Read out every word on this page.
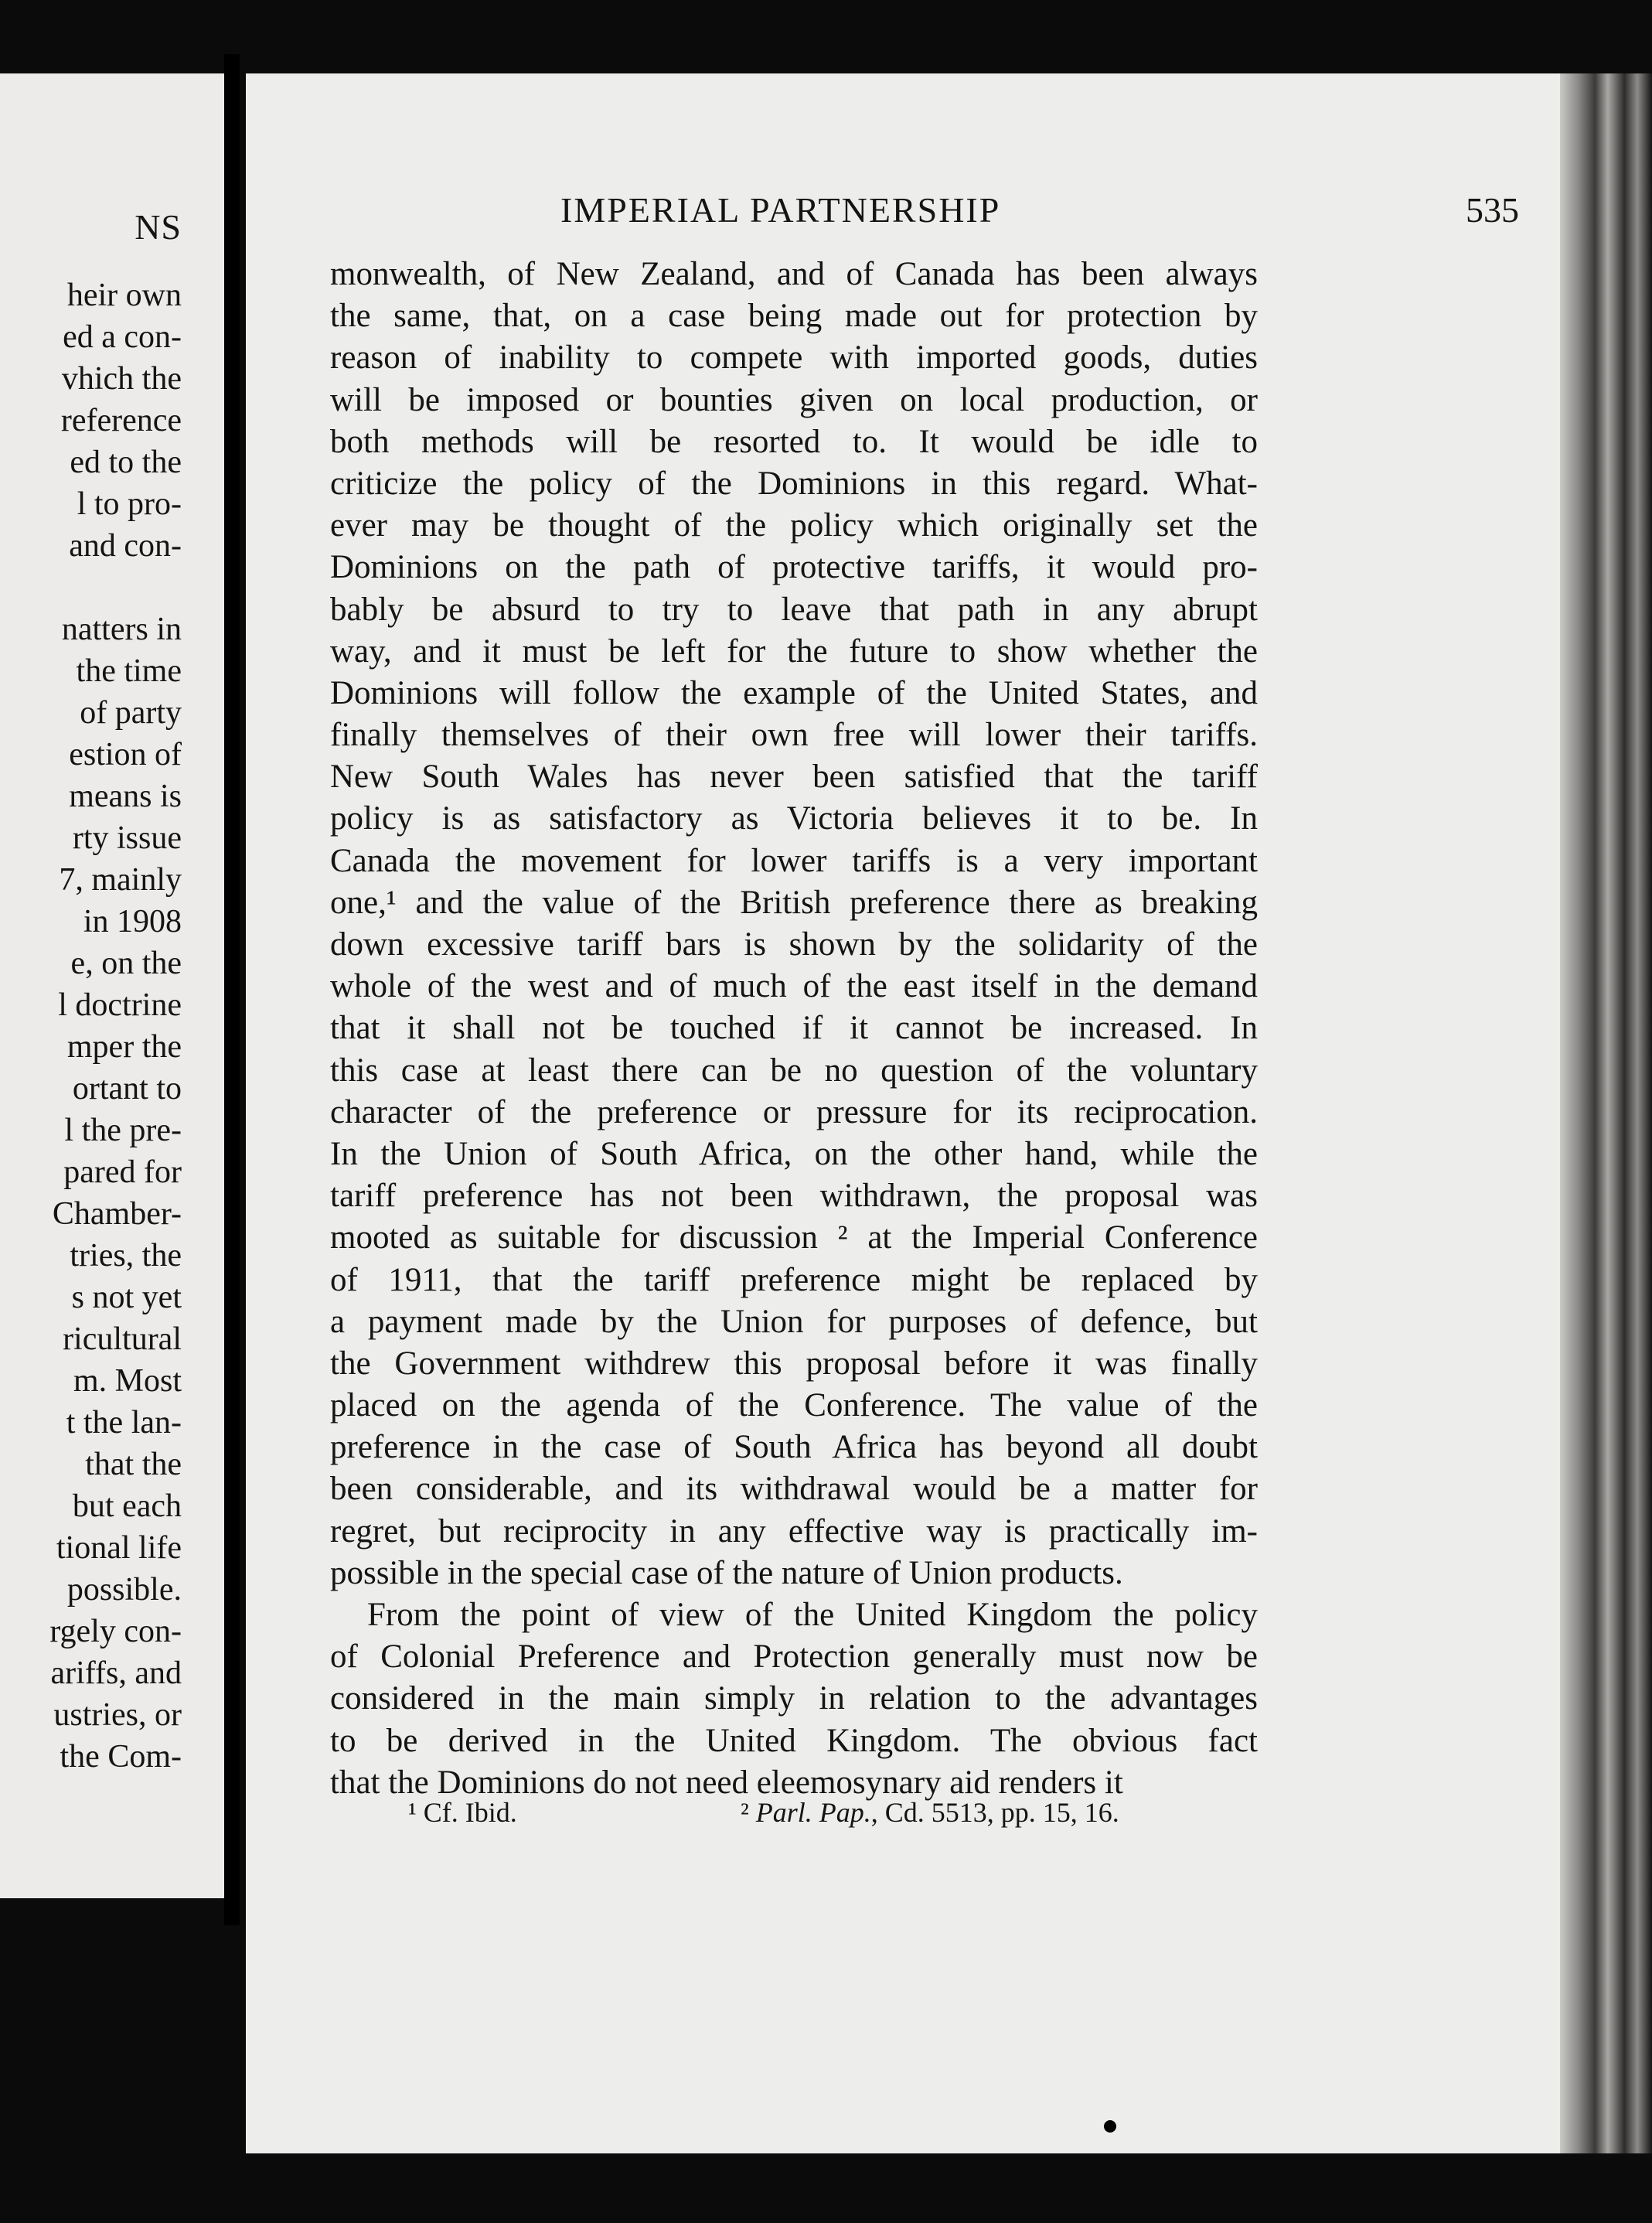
NS
heir own
ed a con-
vhich the
reference
ed to the
l to pro-
and con-
natters in
the time
of party
estion of
means is
rty issue
7, mainly
in 1908
e, on the
l doctrine
mper the
ortant to
l the pre-
pared for
Chamber-
tries, the
s not yet
ricultural
m. Most
t the lan-
that the
but each
tional life
possible.
rgely con-
ariffs, and
ustries, or
the Com-
IMPERIAL PARTNERSHIP	535
monwealth, of New Zealand, and of Canada has been always
the same, that, on a case being made out for protection by
reason of inability to compete with imported goods, duties
will be imposed or bounties given on local production, or
both methods will be resorted to. It would be idle to
criticize the policy of the Dominions in this regard. What-
ever may be thought of the policy which originally set the
Dominions on the path of protective tariffs, it would pro-
bably be absurd to try to leave that path in any abrupt
way, and it must be left for the future to show whether the
Dominions will follow the example of the United States, and
finally themselves of their own free will lower their tariffs.
New South Wales has never been satisfied that the tariff
policy is as satisfactory as Victoria believes it to be. In
Canada the movement for lower tariffs is a very important
one,¹ and the value of the British preference there as breaking
down excessive tariff bars is shown by the solidarity of the
whole of the west and of much of the east itself in the demand
that it shall not be touched if it cannot be increased. In
this case at least there can be no question of the voluntary
character of the preference or pressure for its reciprocation.
In the Union of South Africa, on the other hand, while the
tariff preference has not been withdrawn, the proposal was
mooted as suitable for discussion ² at the Imperial Conference
of 1911, that the tariff preference might be replaced by
a payment made by the Union for purposes of defence, but
the Government withdrew this proposal before it was finally
placed on the agenda of the Conference. The value of the
preference in the case of South Africa has beyond all doubt
been considerable, and its withdrawal would be a matter for
regret, but reciprocity in any effective way is practically im-
possible in the special case of the nature of Union products.
From the point of view of the United Kingdom the policy
of Colonial Preference and Protection generally must now be
considered in the main simply in relation to the advantages
to be derived in the United Kingdom. The obvious fact
that the Dominions do not need eleemosynary aid renders it
¹ Cf. Ibid.	² Parl. Pap., Cd. 5513, pp. 15, 16.
